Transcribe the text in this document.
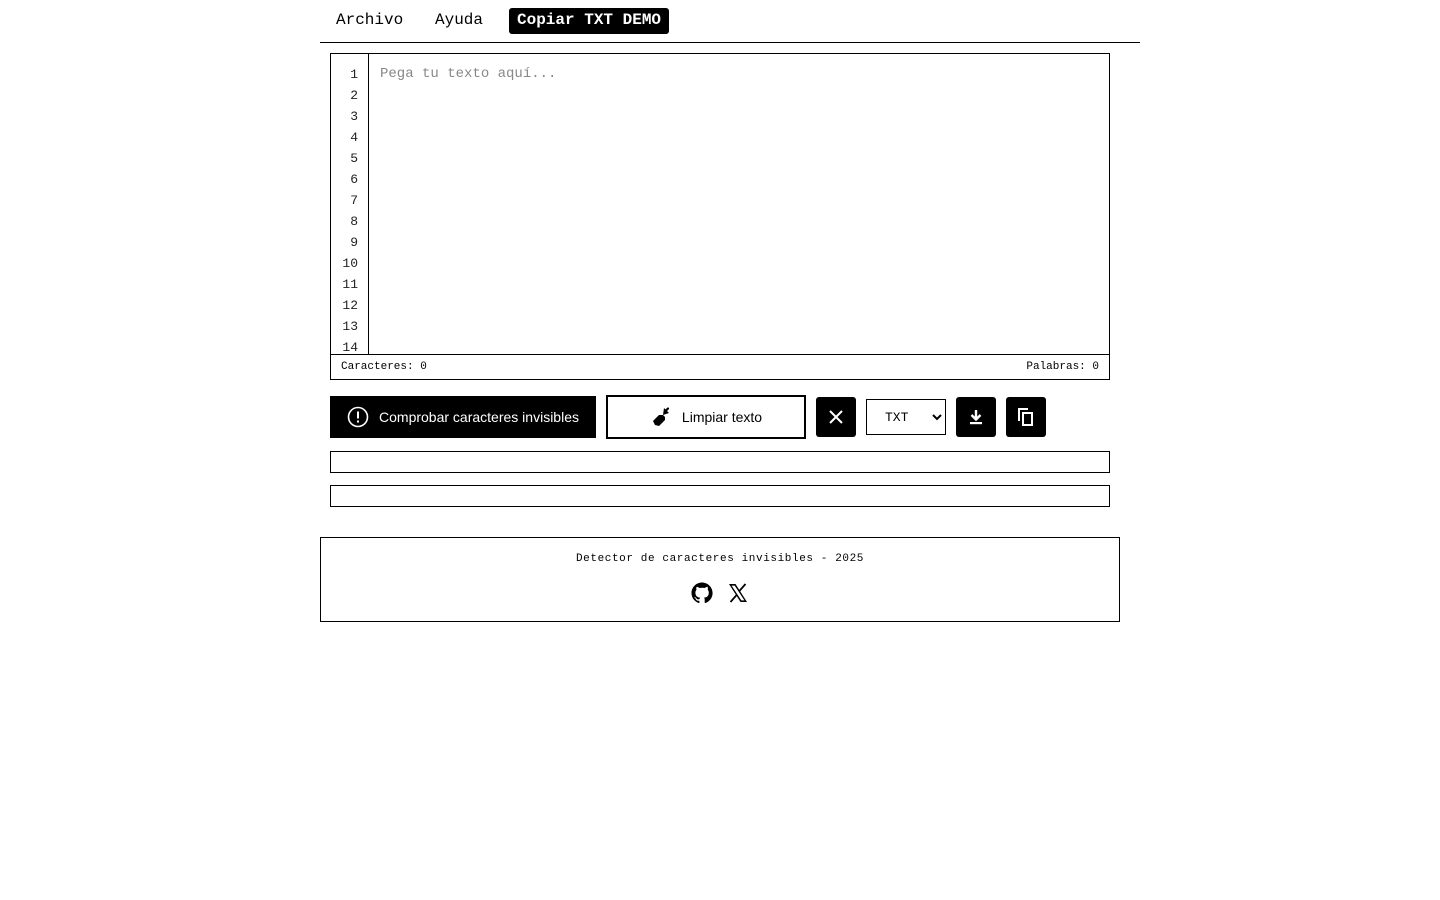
Archivo Ayuda	Copiar TXT DEMO
1
2
3
4
5
6
7
8
9
10
11
12
13
14
Pega tu texto aquí...
Caracteres: 0	Palabras: 0
Comprobar caracteres invisibles	Limpiar texto
TXT
Detector de caracteres invisibles - 2025
